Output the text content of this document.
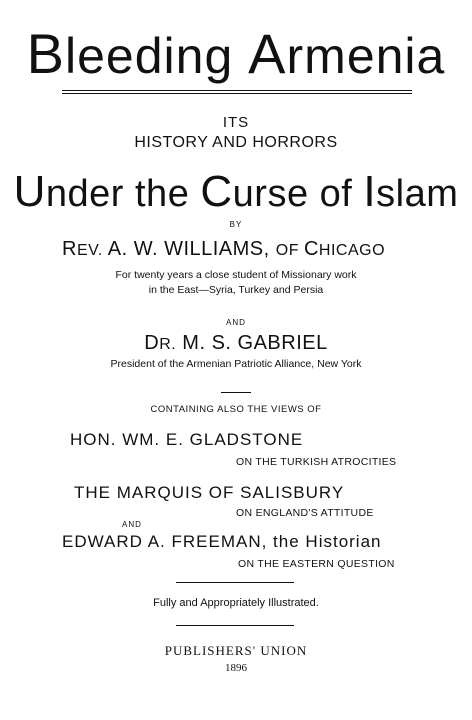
Bleeding Armenia
ITS
HISTORY AND HORRORS
Under the Curse of Islam
BY
REV. A. W. WILLIAMS, OF CHICAGO
For twenty years a close student of Missionary work
in the East—Syria, Turkey and Persia
AND
DR. M. S. GABRIEL
President of the Armenian Patriotic Alliance, New York
CONTAINING ALSO THE VIEWS OF
HON. WM. E. GLADSTONE
ON THE TURKISH ATROCITIES
THE MARQUIS OF SALISBURY
ON ENGLAND'S ATTITUDE
AND
EDWARD A. FREEMAN, the Historian
ON THE EASTERN QUESTION
Fully and Appropriately Illustrated.
PUBLISHERS' UNION
1896
